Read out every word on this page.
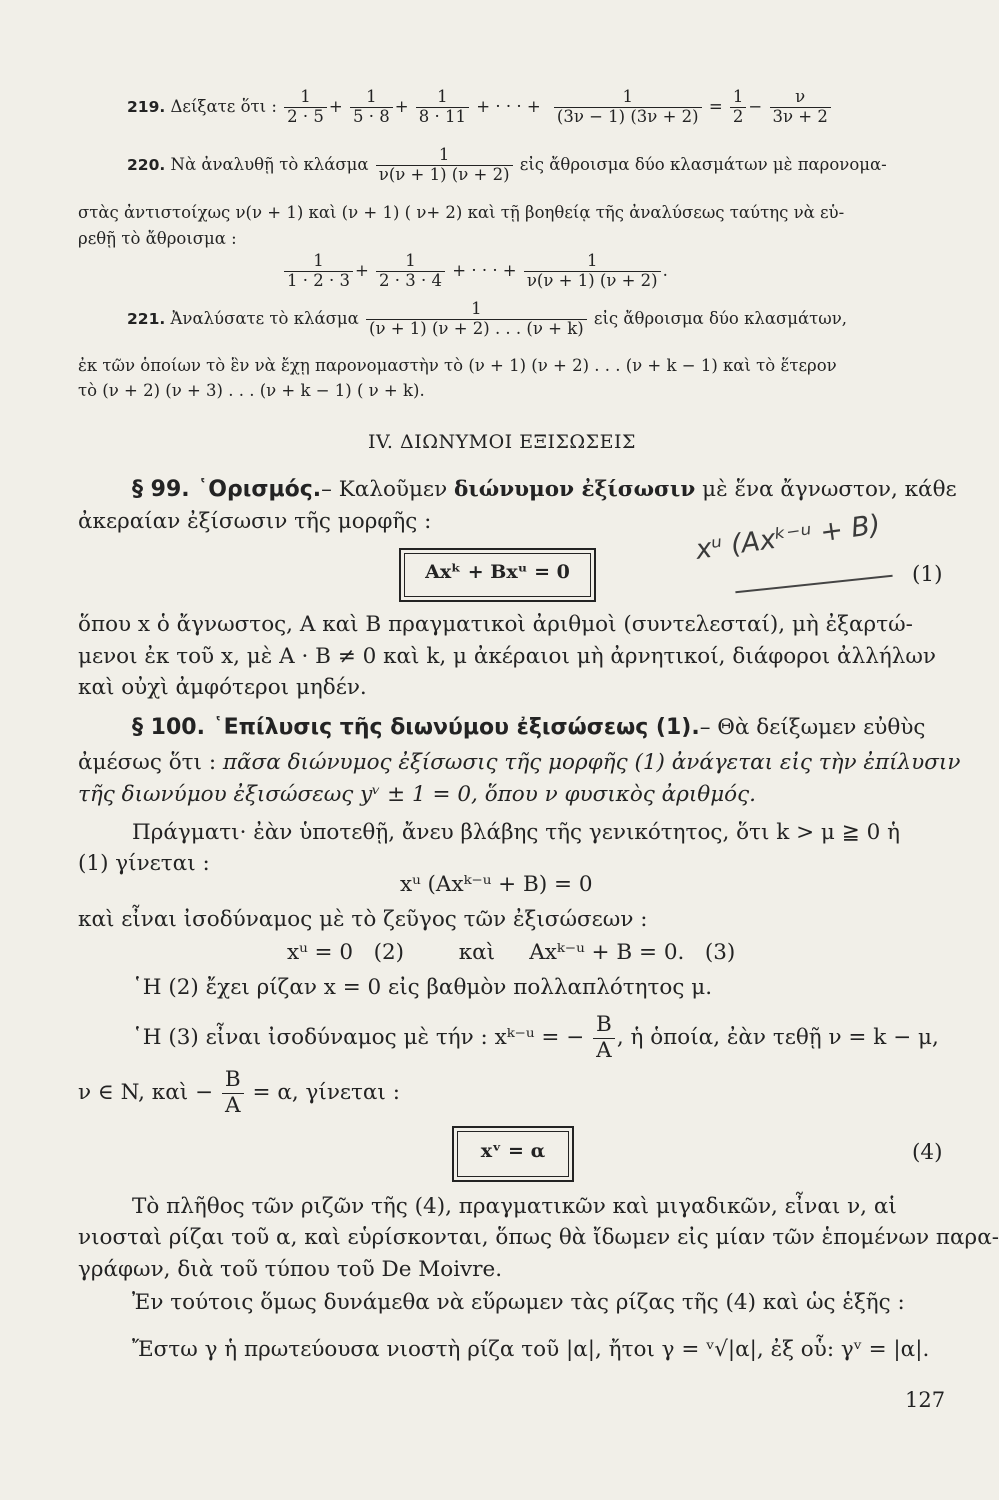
219. Δείξατε ὅτι : $\frac{1}{2 \cdot 5} + \frac{1}{5 \cdot 8} + \frac{1}{8 \cdot 11}$ + · · · + $\frac{1}{(3\nu - 1) (3\nu + 2)} = \frac{1}{2} - \frac{\nu}{3\nu + 2}$
220. Νὰ ἀναλυθῇ τὸ κλάσμα $\frac{1}{\nu(\nu + 1) (\nu + 2)}$ εἰς ἄθροισμα δύο κλασμάτων μὲ παρονομα-
στὰς ἀντιστοίχως ν(ν + 1) καὶ (ν + 1) ( ν+ 2) καὶ τῇ βοηθείᾳ τῆς ἀναλύσεως ταύτης νὰ εὑ-
ρεθῇ τὸ ἄθροισμα :
$\frac{1}{1 \cdot 2 \cdot 3} + \frac{1}{2 \cdot 3 \cdot 4}$ + · · · + $\frac{1}{\nu(\nu + 1) (\nu + 2)}$ .
221. Ἀναλύσατε τὸ κλάσμα $\frac{1}{(\nu + 1) (\nu + 2) . . . (\nu + k)}$ εἰς ἄθροισμα δύο κλασμάτων,
ἐκ τῶν ὁποίων τὸ ἓν νὰ ἔχῃ παρονομαστὴν τὸ (ν + 1) (ν + 2) . . . (ν + k − 1) καὶ τὸ ἕτερον
τὸ (ν + 2) (ν + 3) . . . (ν + k − 1) ( ν + k).
IV. ΔΙΩΝΥΜΟΙ ΕΞΙΣΩΣΕΙΣ
§ 99. ῾Ορισμός.– Καλοῦμεν διώνυμον ἐξίσωσιν μὲ ἕνα ἄγνωστον, κάθε
ἀκεραίαν ἐξίσωσιν τῆς μορφῆς :
Axᵏ + Bxᵘ = 0
xᵘ (Axᵏ⁻ᵘ + B)
(1)
ὅπου x ὁ ἄγνωστος, A καὶ B πραγματικοὶ ἀριθμοὶ (συντελεσταί), μὴ ἐξαρτώ-
μενοι ἐκ τοῦ x, μὲ A · B ≠ 0 καὶ k, μ ἀκέραιοι μὴ ἀρνητικοί, διάφοροι ἀλλήλων
καὶ οὐχὶ ἀμφότεροι μηδέν.
§ 100. ῾Επίλυσις τῆς διωνύμου ἐξισώσεως (1).– Θὰ δείξωμεν εὐθὺς
ἀμέσως ὅτι : πᾶσα διώνυμος ἐξίσωσις τῆς μορφῆς (1) ἀνάγεται εἰς τὴν ἐπίλυσιν
τῆς διωνύμου ἐξισώσεως yᵛ ± 1 = 0, ὅπου ν φυσικὸς ἀριθμός.
Πράγματι· ἐὰν ὑποτεθῇ, ἄνευ βλάβης τῆς γενικότητος, ὅτι k > μ ≧ 0 ἡ
(1) γίνεται :
xᵘ (Axᵏ⁻ᵘ + B) = 0
καὶ εἶναι ἰσοδύναμος μὲ τὸ ζεῦγος τῶν ἐξισώσεων :
xᵘ = 0   (2)        καὶ     Axᵏ⁻ᵘ + B = 0.   (3)
῾Η (2) ἔχει ρίζαν x = 0 εἰς βαθμὸν πολλαπλότητος μ.
῾Η (3) εἶναι ἰσοδύναμος μὲ τήν : xᵏ⁻ᵘ = − $\frac{B}{A}$ , ἡ ὁποία, ἐὰν τεθῇ ν = k − μ,
ν ∈ N, καὶ − $\frac{B}{A} = \alpha$, γίνεται :
xᵛ = α	(4)
Τὸ πλῆθος τῶν ριζῶν τῆς (4), πραγματικῶν καὶ μιγαδικῶν, εἶναι ν, αἱ
νιοσταὶ ρίζαι τοῦ α, καὶ εὑρίσκονται, ὅπως θὰ ἴδωμεν εἰς μίαν τῶν ἑπομένων παρα-
γράφων, διὰ τοῦ τύπου τοῦ De Moivre.
Ἐν τούτοις ὅμως δυνάμεθα νὰ εὕρωμεν τὰς ρίζας τῆς (4) καὶ ὡς ἑξῆς :
Ἔστω γ ἡ πρωτεύουσα νιοστὴ ρίζα τοῦ |α|, ἤτοι γ = ᵛ√|α|, ἐξ οὗ: γᵛ = |α|.
127
